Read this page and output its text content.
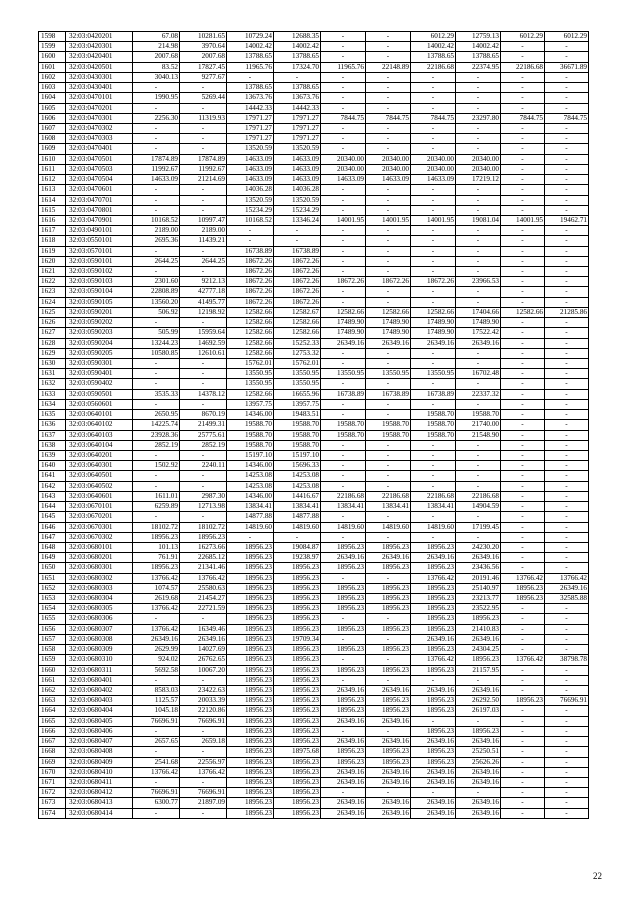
1598	32:03:0420201	67.08	10281.65	10729.24	12688.35	-	-	6012.29	12759.13	6012.29	6012.29
1599	32:03:0420301	214.98	3970.64	14002.42	14002.42	-	-	14002.42	14002.42	-	-
1600	32:03:0420401	2007.68	2007.68	13788.65	13788.65	-	-	13788.65	13788.65	-	-
1601	32:03:0420501	83.52	17827.45	11965.76	17324.70	11965.76	22148.89	22186.68	22374.95	22186.68	36671.89
1602	32:03:0430301	3040.13	9277.67	-	-	-	-	-	-	-	-
1603	32:03:0430401	-	-	13788.65	13788.65	-	-	-	-	-	-
1604	32:03:0470101	1990.95	5269.44	13673.76	13673.76	-	-	-	-	-	-
1605	32:03:0470201	-	-	14442.33	14442.33	-	-	-	-	-	-
1606	32:03:0470301	2256.30	11319.93	17971.27	17971.27	7844.75	7844.75	7844.75	23297.80	7844.75	7844.75
1607	32:03:0470302	-	-	17971.27	17971.27	-	-	-	-	-	-
1608	32:03:0470303	-	-	17971.27	17971.27	-	-	-	-	-	-
1609	32:03:0470401	-	-	13520.59	13520.59	-	-	-	-	-	-
1610	32:03:0470501	17874.89	17874.89	14633.09	14633.09	20340.00	20340.00	20340.00	20340.00	-	-
1611	32:03:0470503	11992.67	11992.67	14633.09	14633.09	20340.00	20340.00	20340.00	20340.00	-	-
1612	32:03:0470504	14633.09	21214.69	14633.09	14633.09	14633.09	14633.09	14633.09	17219.12	-	-
1613	32:03:0470601	-	-	14036.28	14036.28	-	-	-	-	-	-
1614	32:03:0470701	-	-	13520.59	13520.59	-	-	-	-	-	-
1615	32:03:0470801	-	-	15234.29	15234.29	-	-	-	-	-	-
1616	32:03:0470901	10168.52	10997.47	10168.52	13346.24	14001.95	14001.95	14001.95	19081.04	14001.95	19462.71
1617	32:03:0490101	2189.00	2189.00	-	-	-	-	-	-	-	-
1618	32:03:0550101	2695.36	11439.21	-	-	-	-	-	-	-	-
1619	32:03:0570101	-	-	16738.89	16738.89	-	-	-	-	-	-
1620	32:03:0590101	2644.25	2644.25	18672.26	18672.26	-	-	-	-	-	-
1621	32:03:0590102	-	-	18672.26	18672.26	-	-	-	-	-	-
1622	32:03:0590103	2301.60	9212.13	18672.26	18672.26	18672.26	18672.26	18672.26	23966.53	-	-
1623	32:03:0590104	22808.89	42777.18	18672.26	18672.26	-	-	-	-	-	-
1624	32:03:0590105	13560.20	41495.77	18672.26	18672.26	-	-	-	-	-	-
1625	32:03:0590201	506.92	12198.92	12582.66	12582.67	12582.66	12582.66	12582.66	17404.66	12582.66	21285.86
1626	32:03:0590202	-	-	12582.66	12582.66	17489.90	17489.90	17489.90	17489.90	-	-
1627	32:03:0590203	505.99	15959.64	12582.66	12582.66	17489.90	17489.90	17489.90	17522.42	-	-
1628	32:03:0590204	13244.23	14692.59	12582.66	15252.33	26349.16	26349.16	26349.16	26349.16	-	-
1629	32:03:0590205	10580.85	12610.61	12582.66	12753.32	-	-	-	-	-	-
1630	32:03:0590301	-	-	15762.01	15762.01	-	-	-	-	-	-
1631	32:03:0590401	-	-	13550.95	13550.95	13550.95	13550.95	13550.95	16702.48	-	-
1632	32:03:0590402	-	-	13550.95	13550.95	-	-	-	-	-	-
1633	32:03:0590501	3535.33	14378.12	12582.66	16655.96	16738.89	16738.89	16738.89	22337.32	-	-
1634	32:03:0560601	-	-	13957.75	13957.75	-	-	-	-	-	-
1635	32:03:0640101	2650.95	8670.19	14346.00	19483.51	-	-	19588.70	19588.70	-	-
1636	32:03:0640102	14225.74	21499.31	19588.70	19588.70	19588.70	19588.70	19588.70	21740.00	-	-
1637	32:03:0640103	23928.36	25775.61	19588.70	19588.70	19588.70	19588.70	19588.70	21548.90	-	-
1638	32:03:0640104	2852.19	2852.19	19588.70	19588.70	-	-	-	-	-	-
1639	32:03:0640201	-	-	15197.10	15197.10	-	-	-	-	-	-
1640	32:03:0640301	1502.92	2240.11	14346.00	15696.33	-	-	-	-	-	-
1641	32:03:0640501	-	-	14253.08	14253.08	-	-	-	-	-	-
1642	32:03:0640502	-	-	14253.08	14253.08	-	-	-	-	-	-
1643	32:03:0640601	1611.01	2987.30	14346.00	14416.67	22186.68	22186.68	22186.68	22186.68	-	-
1644	32:03:0670101	6259.89	12713.98	13834.41	13834.41	13834.41	13834.41	13834.41	14904.59	-	-
1645	32:03:0670201	-	-	14877.88	14877.88	-	-	-	-	-	-
1646	32:03:0670301	18102.72	18102.72	14819.60	14819.60	14819.60	14819.60	14819.60	17199.45	-	-
1647	32:03:0670302	18956.23	18956.23	-	-	-	-	-	-	-	-
1648	32:03:0680101	101.13	16273.66	18956.23	19084.87	18956.23	18956.23	18956.23	24230.20	-	-
1649	32:03:0680201	761.91	22685.12	18956.23	19238.97	26349.16	26349.16	26349.16	26349.16	-	-
1650	32:03:0680301	18956.23	21341.46	18956.23	18956.23	18956.23	18956.23	18956.23	23436.56	-	-
1651	32:03:0680302	13766.42	13766.42	18956.23	18956.23	-	-	13766.42	20191.46	13766.42	13766.42
1652	32:03:0680303	1074.57	25580.63	18956.23	18956.23	18956.23	18956.23	18956.23	25140.97	18956.23	26349.16
1653	32:03:0680304	2619.68	21454.27	18956.23	18956.23	18956.23	18956.23	18956.23	23213.77	18956.23	32585.88
1654	32:03:0680305	13766.42	22721.59	18956.23	18956.23	18956.23	18956.23	18956.23	23522.95	-	-
1655	32:03:0680306	-	-	18956.23	18956.23	-	-	18956.23	18956.23	-	-
1656	32:03:0680307	13766.42	16349.46	18956.23	18956.23	18956.23	18956.23	18956.23	21410.83	-	-
1657	32:03:0680308	26349.16	26349.16	18956.23	19709.34	-	-	26349.16	26349.16	-	-
1658	32:03:0680309	2629.99	14027.69	18956.23	18956.23	18956.23	18956.23	18956.23	24304.25	-	-
1659	32:03:0680310	924.02	26762.65	18956.23	18956.23	-	-	13766.42	18956.23	13766.42	38798.78
1660	32:03:0680311	5692.58	10067.20	18956.23	18956.23	18956.23	18956.23	18956.23	21157.95	-	-
1661	32:03:0680401	-	-	18956.23	18956.23	-	-	-	-	-	-
1662	32:03:0680402	8583.03	23422.63	18956.23	18956.23	26349.16	26349.16	26349.16	26349.16	-	-
1663	32:03:0680403	1125.57	20033.39	18956.23	18956.23	18956.23	18956.23	18956.23	26292.50	18956.23	76696.91
1664	32:03:0680404	1045.18	22120.86	18956.23	18956.23	18956.23	18956.23	18956.23	26197.03	-	-
1665	32:03:0680405	76696.91	76696.91	18956.23	18956.23	26349.16	26349.16	-	-	-	-
1666	32:03:0680406	-	-	18956.23	18956.23	-	-	18956.23	18956.23	-	-
1667	32:03:0680407	2657.65	2659.18	18956.23	18956.23	26349.16	26349.16	26349.16	26349.16	-	-
1668	32:03:0680408	-	-	18956.23	18975.68	18956.23	18956.23	18956.23	25250.51	-	-
1669	32:03:0680409	2541.68	22556.97	18956.23	18956.23	18956.23	18956.23	18956.23	25626.26	-	-
1670	32:03:0680410	13766.42	13766.42	18956.23	18956.23	26349.16	26349.16	26349.16	26349.16	-	-
1671	32:03:0680411	-	-	18956.23	18956.23	26349.16	26349.16	26349.16	26349.16	-	-
1672	32:03:0680412	76696.91	76696.91	18956.23	18956.23	-	-	-	-	-	-
1673	32:03:0680413	6300.77	21897.09	18956.23	18956.23	26349.16	26349.16	26349.16	26349.16	-	-
1674	32:03:0680414	-	-	18956.23	18956.23	26349.16	26349.16	26349.16	26349.16	-	-
22
